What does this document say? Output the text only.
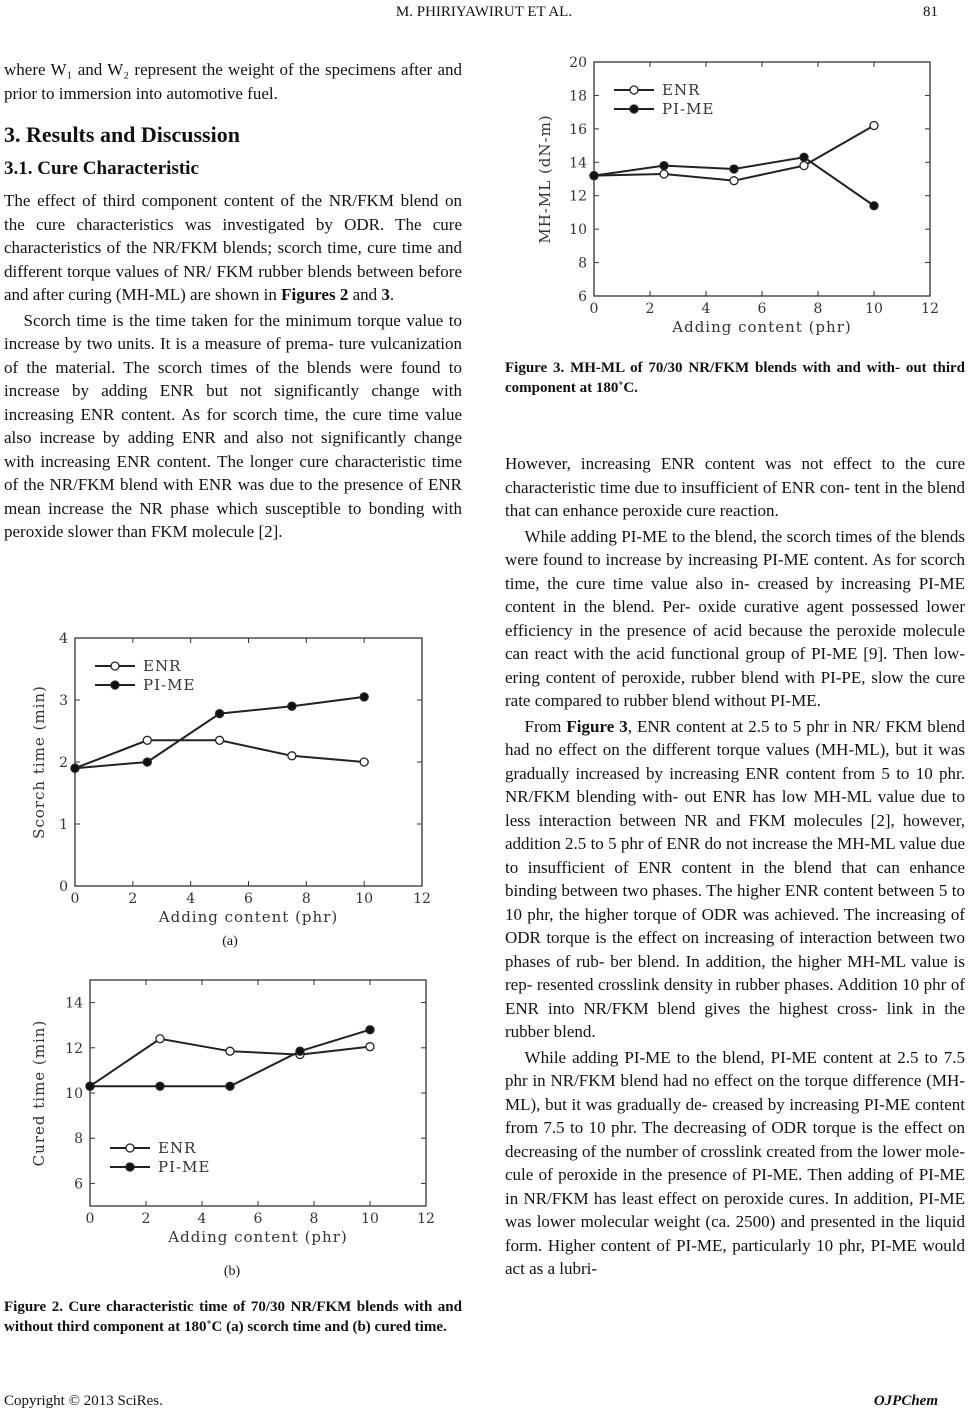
M. PHIRIYAWIRUT ET AL.	81

where W₁ and W₂ represent the weight of the specimens after and prior to immersion into automotive fuel.

3. Results and Discussion
3.1. Cure Characteristic

The effect of third component content of the NR/FKM blend on the cure characteristics was investigated by ODR. The cure characteristics of the NR/FKM blends; scorch time, cure time and different torque values of NR/ FKM rubber blends between before and after curing (MH-ML) are shown in Figures 2 and 3.

Scorch time is the time taken for the minimum torque value to increase by two units. It is a measure of prema- ture vulcanization of the material. The scorch times of the blends were found to increase by adding ENR but not significantly change with increasing ENR content. As for scorch time, the cure time value also increase by adding ENR and also not significantly change with increasing ENR content. The longer cure characteristic time of the NR/FKM blend with ENR was due to the presence of ENR mean increase the NR phase which susceptible to bonding with peroxide slower than FKM molecule [2].

0	2	4	6	8	10	12
0
1
2
3
4
Adding content (phr)
Scorch time (min)
ENR
PI-ME
(a)
0	2	4	6	8	10	12
6
8
10
12
14
Adding content (phr)
Cured time (min)	ENR
PI-ME
(b)
Figure 2. Cure characteristic time of 70/30 NR/FKM blends with and without third component at 180˚C (a) scorch time and (b) cured time.
0	2	4	6	8	10	12
6
8
10
12
14
16
18
20
Adding content (phr)
MH-ML (dN-m)
ENR
PI-ME
Figure 3. MH-ML of 70/30 NR/FKM blends with and with- out third component at 180˚C.

However, increasing ENR content was not effect to the cure characteristic time due to insufficient of ENR con- tent in the blend that can enhance peroxide cure reaction.

While adding PI-ME to the blend, the scorch times of the blends were found to increase by increasing PI-ME content. As for scorch time, the cure time value also in- creased by increasing PI-ME content in the blend. Per- oxide curative agent possessed lower efficiency in the presence of acid because the peroxide molecule can react with the acid functional group of PI-ME [9]. Then low- ering content of peroxide, rubber blend with PI-PE, slow the cure rate compared to rubber blend without PI-ME.

From Figure 3, ENR content at 2.5 to 5 phr in NR/ FKM blend had no effect on the different torque values (MH-ML), but it was gradually increased by increasing ENR content from 5 to 10 phr. NR/FKM blending with- out ENR has low MH-ML value due to less interaction between NR and FKM molecules [2], however, addition 2.5 to 5 phr of ENR do not increase the MH-ML value due to insufficient of ENR content in the blend that can enhance binding between two phases. The higher ENR content between 5 to 10 phr, the higher torque of ODR was achieved. The increasing of ODR torque is the effect on increasing of interaction between two phases of rub- ber blend. In addition, the higher MH-ML value is rep- resented crosslink density in rubber phases. Addition 10 phr of ENR into NR/FKM blend gives the highest cross- link in the rubber blend.

While adding PI-ME to the blend, PI-ME content at 2.5 to 7.5 phr in NR/FKM blend had no effect on the torque difference (MH-ML), but it was gradually de- creased by increasing PI-ME content from 7.5 to 10 phr. The decreasing of ODR torque is the effect on decreasing of the number of crosslink created from the lower mole- cule of peroxide in the presence of PI-ME. Then adding of PI-ME in NR/FKM has least effect on peroxide cures. In addition, PI-ME was lower molecular weight (ca. 2500) and presented in the liquid form. Higher content of PI-ME, particularly 10 phr, PI-ME would act as a lubri-

Copyright © 2013 SciRes.	OJPChem
